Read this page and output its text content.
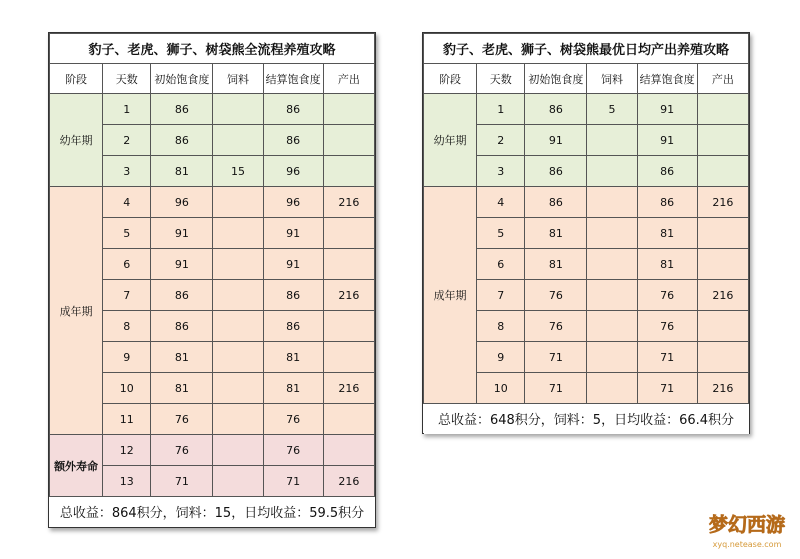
豹子、老虎、狮子、树袋熊全流程养殖攻略					
阶段	天数	初始饱食度	饲料	结算饱食度	产出
幼年期	1	86		86	
	2	86		86	
	3	81	15	96	
成年期	4	96		96	216
	5	91		91	
	6	91		91	
	7	86		86	216
	8	86		86	
	9	81		81	
	10	81		81	216
	11	76		76	
额外寿命	12	76		76	
	13	71		71	216
总收益：864积分，饲料：15，日均收益：59.5积分					
豹子、老虎、狮子、树袋熊最优日均产出养殖攻略					
阶段	天数	初始饱食度	饲料	结算饱食度	产出
幼年期	1	86	5	91	
	2	91		91	
	3	86		86	
成年期	4	86		86	216
	5	81		81	
	6	81		81	
	7	76		76	216
	8	76		76	
	9	71		71	
	10	71		71	216
总收益：648积分，饲料：5，日均收益：66.4积分					
梦幻西游
xyq.netease.com
